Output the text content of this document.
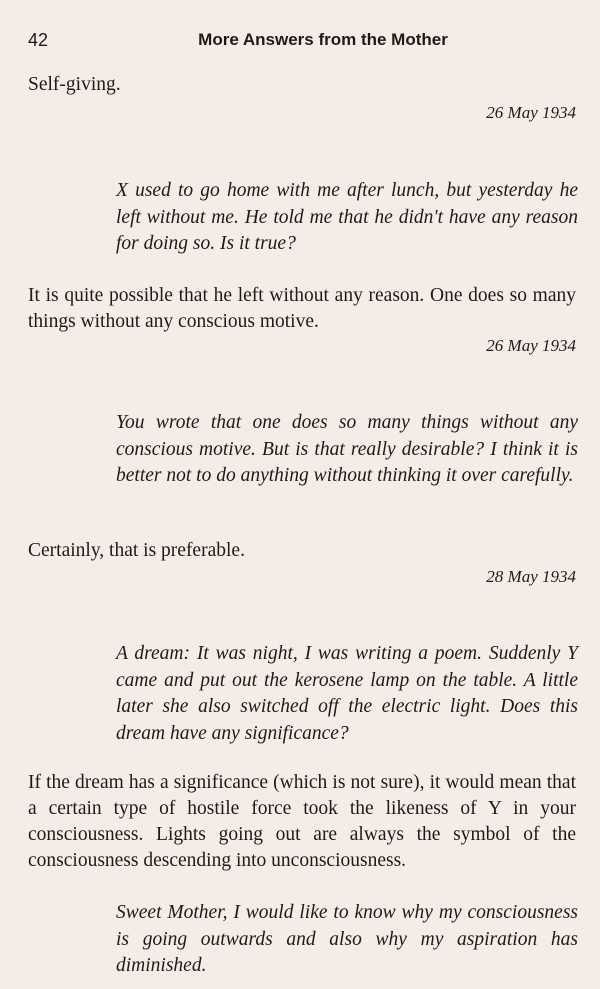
42	More Answers from the Mother
Self-giving.
26 May 1934
X used to go home with me after lunch, but yesterday he left without me. He told me that he didn't have any reason for doing so. Is it true?
It is quite possible that he left without any reason. One does so many things without any conscious motive.
26 May 1934
You wrote that one does so many things without any conscious motive. But is that really desirable? I think it is better not to do anything without thinking it over carefully.
Certainly, that is preferable.
28 May 1934
A dream: It was night, I was writing a poem. Suddenly Y came and put out the kerosene lamp on the table. A little later she also switched off the electric light. Does this dream have any significance?
If the dream has a significance (which is not sure), it would mean that a certain type of hostile force took the likeness of Y in your consciousness. Lights going out are always the symbol of the consciousness descending into unconsciousness.
Sweet Mother, I would like to know why my consciousness is going outwards and also why my aspiration has diminished.
